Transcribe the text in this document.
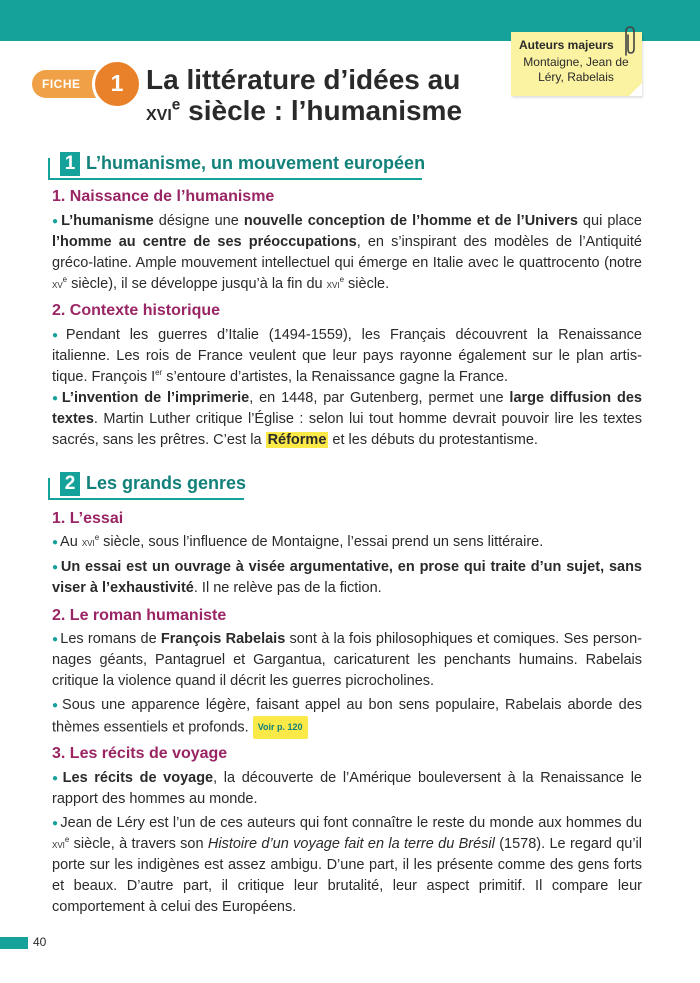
Auteurs majeurs
Montaigne, Jean de Léry, Rabelais
FICHE	1 La littérature d’idées au
xvi$^e$ siècle : l’humanisme
1 L’humanisme, un mouvement européen
1. Naissance de l’humanisme
● L’humanisme désigne une nouvelle conception de l’homme et de l’Univers qui place l’homme au centre de ses préoccupations, en s’inspirant des modèles de l’Antiquité gréco-latine. Ample mouvement intellectuel qui émerge en Italie avec le quattrocento (notre $xv^e$ siècle), il se développe jusqu’à la fin du xvi$^e$ siècle.
2. Contexte historique
● Pendant les guerres d’Italie (1494-1559), les Français découvrent la Renaissance italienne. Les rois de France veulent que leur pays rayonne également sur le plan artistique. François Ier s’entoure d’artistes, la Renaissance gagne la France.
● L’invention de l’imprimerie, en 1448, par Gutenberg, permet une large diffusion des textes. Martin Luther critique l’Église : selon lui tout homme devrait pouvoir lire les textes sacrés, sans les prêtres. C’est la Réforme et les débuts du protestantisme.
2 Les grands genres
1. L’essai
● Au xvi$^e$ siècle, sous l’influence de Montaigne, l’essai prend un sens littéraire.
● Un essai est un ouvrage à visée argumentative, en prose qui traite d’un sujet, sans viser à l’exhaustivité. Il ne relève pas de la fiction.
2. Le roman humaniste
● Les romans de François Rabelais sont à la fois philosophiques et comiques. Ses personnages géants, Pantagruel et Gargantua, caricaturent les penchants humains. Rabelais critique la violence quand il décrit les guerres picrocholines.
● Sous une apparence légère, faisant appel au bon sens populaire, Rabelais aborde des thèmes essentiels et profonds. Voir p. 120
3. Les récits de voyage
● Les récits de voyage, la découverte de l’Amérique bouleversent à la Renaissance le rapport des hommes au monde.
● Jean de Léry est l’un de ces auteurs qui font connaître le reste du monde aux hommes du xvi$^e$ siècle, à travers son Histoire d’un voyage fait en la terre du Brésil (1578). Le regard qu’il porte sur les indigènes est assez ambigu. D’une part, il les présente comme des gens forts et beaux. D’autre part, il critique leur brutalité, leur aspect primitif. Il compare leur comportement à celui des Européens.
40
